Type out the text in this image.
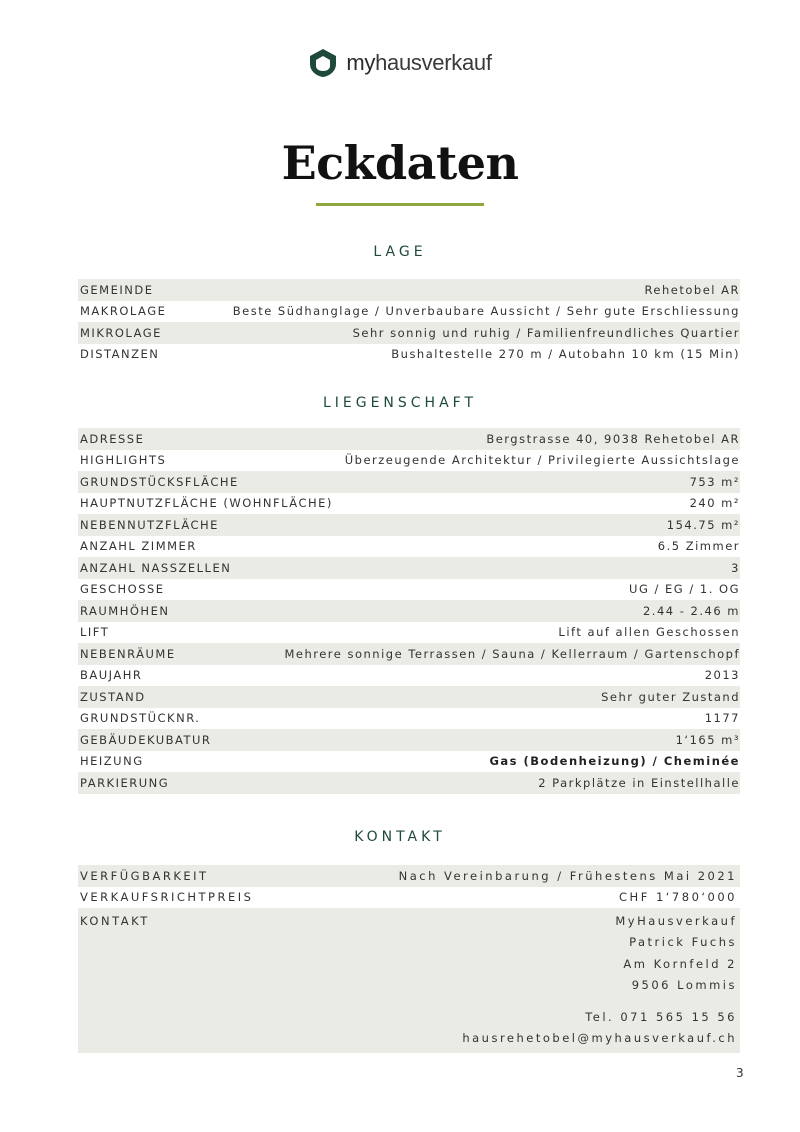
myhausverkauf
Eckdaten
LAGE
GEMEINDE	Rehetobel AR
MAKROLAGE	Beste Südhanglage / Unverbaubare Aussicht / Sehr gute Erschliessung
MIKROLAGE	Sehr sonnig und ruhig / Familienfreundliches Quartier
DISTANZEN	Bushaltestelle 270 m / Autobahn 10 km (15 Min)
LIEGENSCHAFT
ADRESSE	Bergstrasse 40, 9038 Rehetobel AR
HIGHLIGHTS	Überzeugende Architektur / Privilegierte Aussichtslage
GRUNDSTÜCKSFLÄCHE	753 m²
HAUPTNUTZFLÄCHE (WOHNFLÄCHE)	240 m²
NEBENNUTZFLÄCHE	154.75 m²
ANZAHL ZIMMER	6.5 Zimmer
ANZAHL NASSZELLEN	3
GESCHOSSE	UG / EG / 1. OG
RAUMHÖHEN	2.44 - 2.46 m
LIFT	Lift auf allen Geschossen
NEBENRÄUME	Mehrere sonnige Terrassen / Sauna / Kellerraum / Gartenschopf
BAUJAHR	2013
ZUSTAND	Sehr guter Zustand
GRUNDSTÜCKNR.	1177
GEBÄUDEKUBATUR	1‘165 m³
HEIZUNG	Gas (Bodenheizung) / Cheminée
PARKIERUNG	2 Parkplätze in Einstellhalle
KONTAKT
VERFÜGBARKEIT	Nach Vereinbarung / Frühestens Mai 2021
VERKAUFSRICHTPREIS	CHF 1‘780‘000
KONTAKT	MyHausverkauf
Patrick Fuchs
Am Kornfeld 2
9506 Lommis
Tel. 071 565 15 56
hausrehetobel@myhausverkauf.ch
3
